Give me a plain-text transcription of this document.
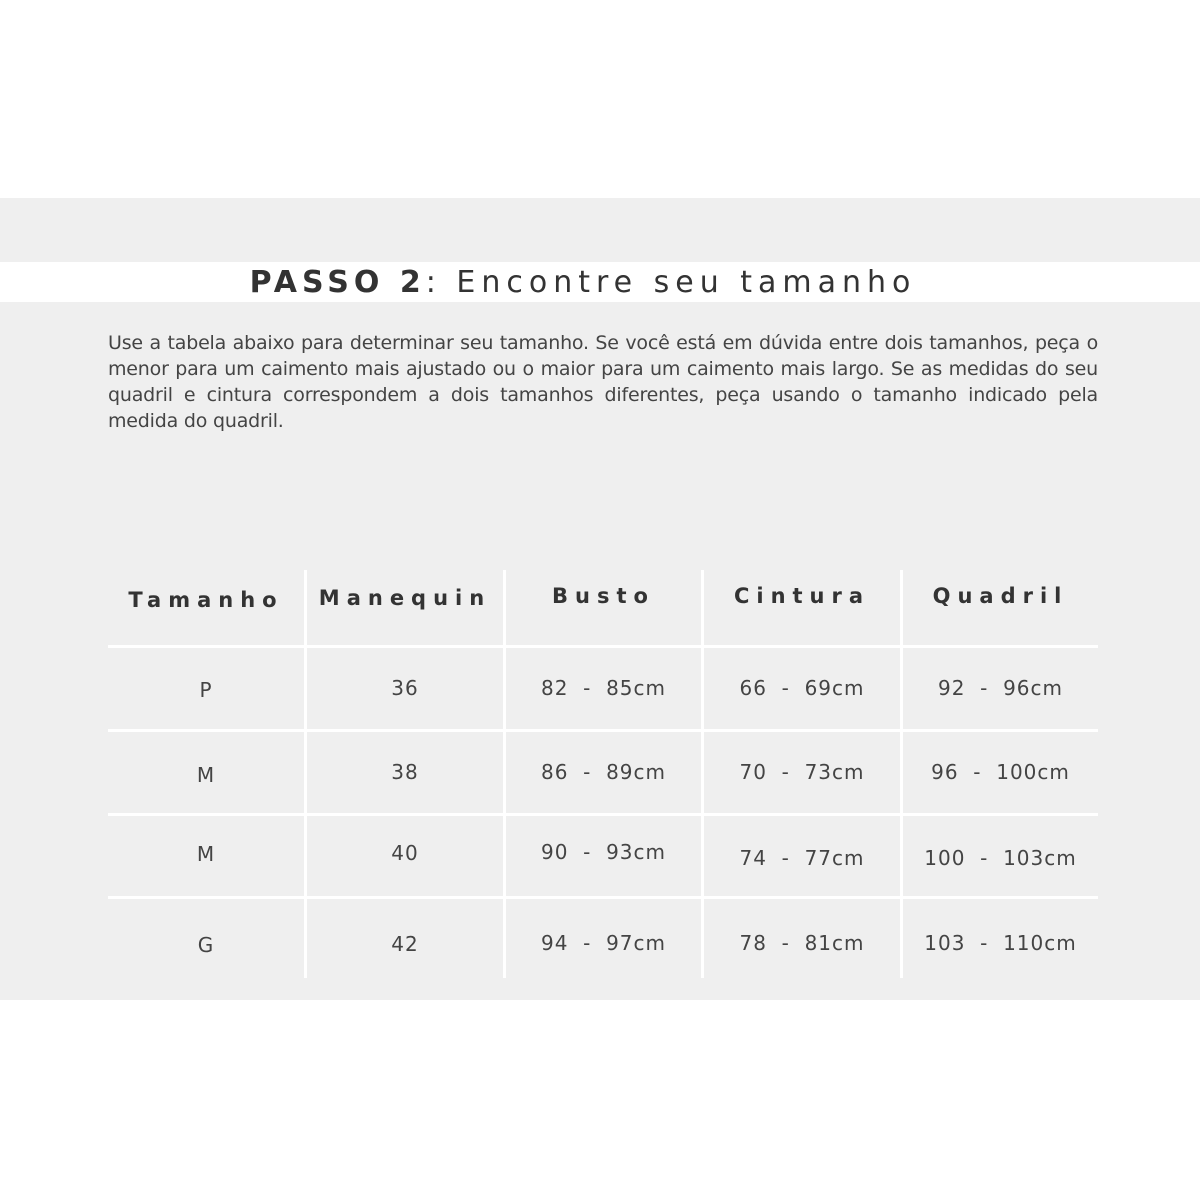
PASSO 2: Encontre seu tamanho

Use a tabela abaixo para determinar seu tamanho. Se você está em dúvida entre dois tamanhos, peça o menor para um caimento mais ajustado ou o maior para um caimento mais largo. Se as medidas do seu quadril e cintura correspondem a dois tamanhos diferentes, peça usando o tamanho indicado pela medida do quadril.

Tamanho	Manequin	Busto	Cintura	Quadril
P	36	82  -  85cm	66  -  69cm	92  -  96cm
M	38	86  -  89cm	70  -  73cm	96  -  100cm
M	40	90  -  93cm	74  -  77cm	100  -  103cm
G	42	94  -  97cm	78  -  81cm	103  -  110cm
